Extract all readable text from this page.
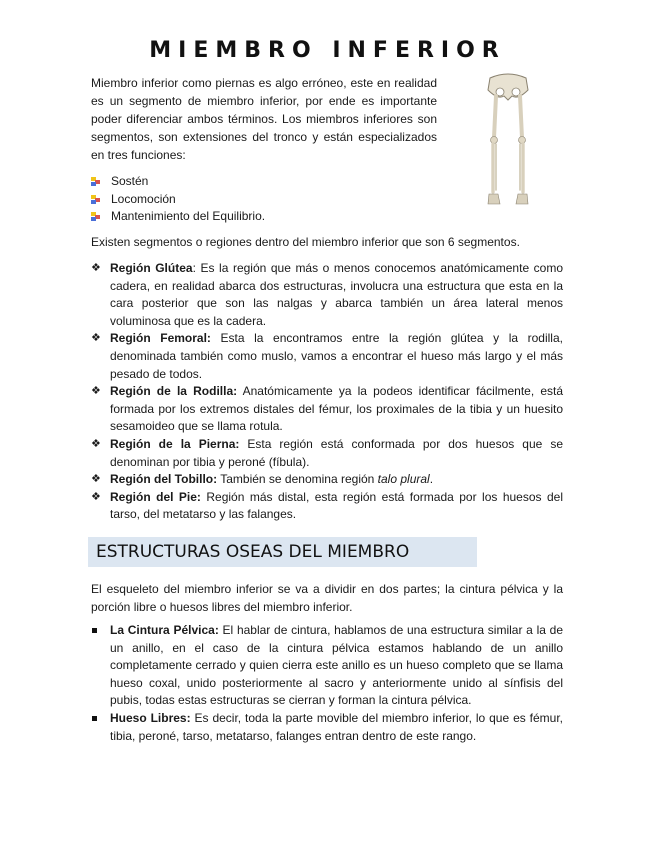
MIEMBRO INFERIOR

Miembro inferior como piernas es algo erróneo, este en realidad es un segmento de miembro inferior, por ende es importante poder diferenciar ambos términos. Los miembros inferiores son segmentos, son extensiones del tronco y están especializados en tres funciones:

Sostén
Locomoción
Mantenimiento del Equilibrio.

Existen segmentos o regiones dentro del miembro inferior que son 6 segmentos.

❖ Región Glútea: Es la región que más o menos conocemos anatómicamente como cadera, en realidad abarca dos estructuras, involucra una estructura que esta en la cara posterior que son las nalgas y abarca también un área lateral menos voluminosa que es la cadera.
❖ Región Femoral: Esta la encontramos entre la región glútea y la rodilla, denominada también como muslo, vamos a encontrar el hueso más largo y el más pesado de todos.
❖ Región de la Rodilla: Anatómicamente ya la podeos identificar fácilmente, está formada por los extremos distales del fémur, los proximales de la tibia y un huesito sesamoideo que se llama rotula.
❖ Región de la Pierna: Esta región está conformada por dos huesos que se denominan por tibia y peroné (fíbula).
❖ Región del Tobillo: También se denomina región talo plural.
❖ Región del Pie: Región más distal, esta región está formada por los huesos del tarso, del metatarso y las falanges.
ESTRUCTURAS OSEAS DEL MIEMBRO

El esqueleto del miembro inferior se va a dividir en dos partes; la cintura pélvica y la porción libre o huesos libres del miembro inferior.

La Cintura Pélvica: El hablar de cintura, hablamos de una estructura similar a la de un anillo, en el caso de la cintura pélvica estamos hablando de un anillo completamente cerrado y quien cierra este anillo es un hueso completo que se llama hueso coxal, unido posteriormente al sacro y anteriormente unido al sínfisis del pubis, todas estas estructuras se cierran y forman la cintura pélvica.
Hueso Libres: Es decir, toda la parte movible del miembro inferior, lo que es fémur, tibia, peroné, tarso, metatarso, falanges entran dentro de este rango.
